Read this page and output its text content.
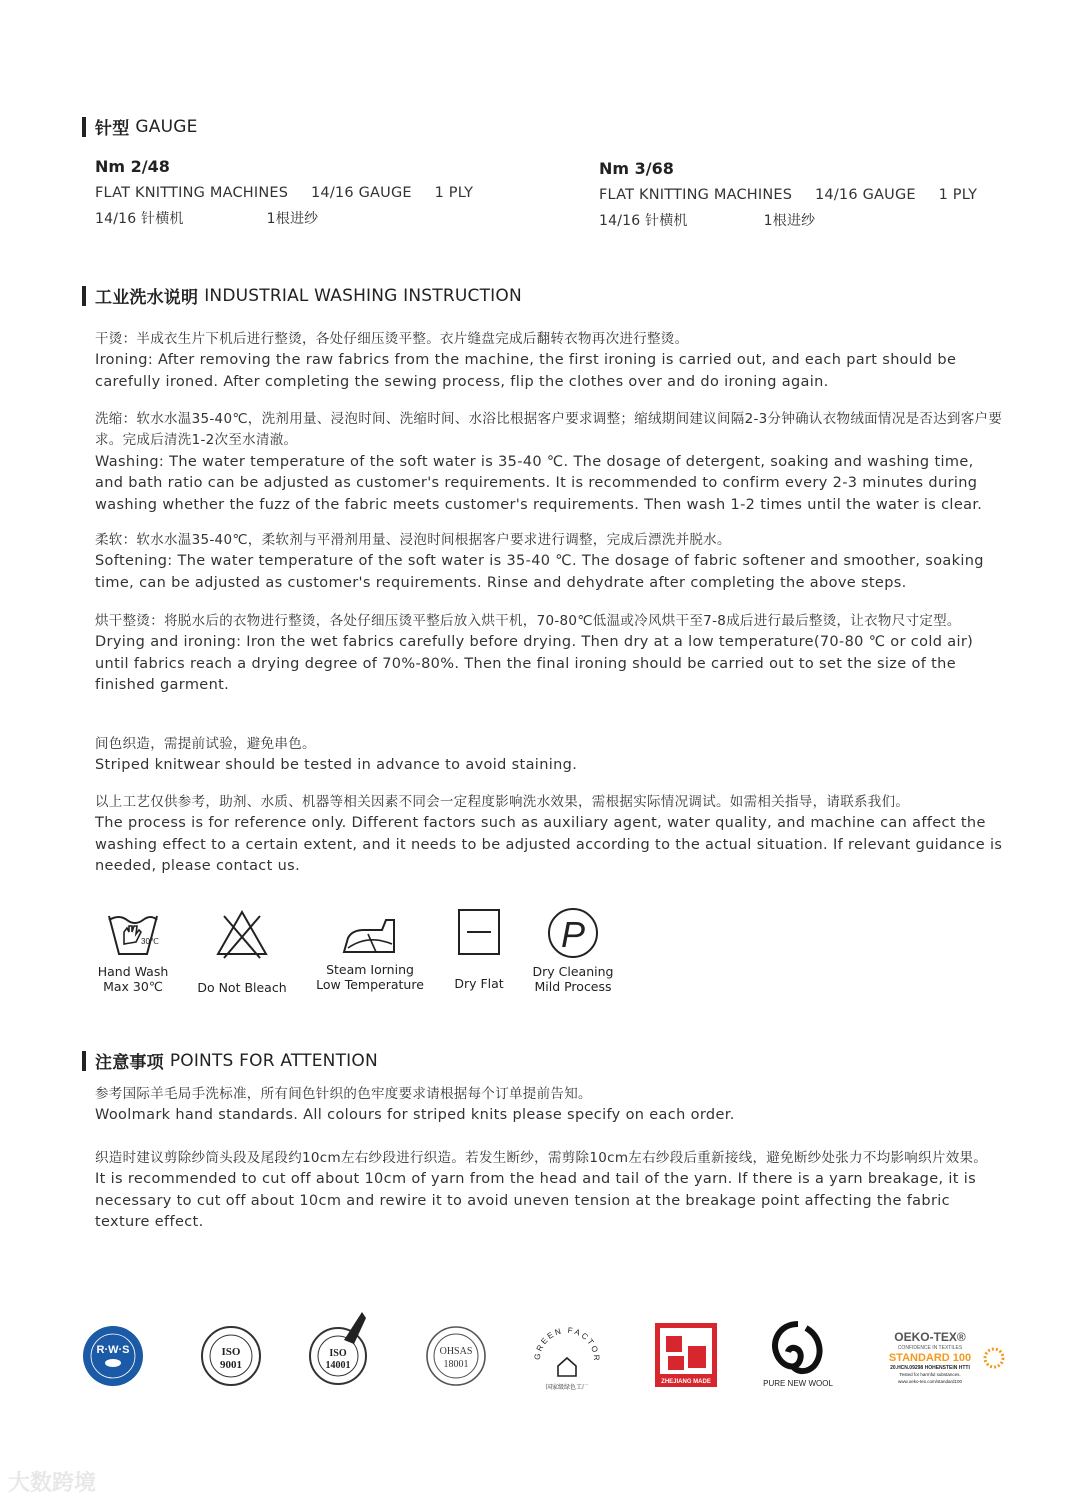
针型 GAUGE
Nm 2/48
FLAT KNITTING MACHINES 14/16 GAUGE 1 PLY
14/16 针横机	1根进纱
Nm 3/68
FLAT KNITTING MACHINES 14/16 GAUGE 1 PLY
14/16 针横机	1根进纱
工业洗水说明 INDUSTRIAL WASHING INSTRUCTION
干烫：半成衣生片下机后进行整烫，各处仔细压烫平整。衣片缝盘完成后翻转衣物再次进行整烫。
Ironing: After removing the raw fabrics from the machine, the first ironing is carried out, and each part should be carefully ironed. After completing the sewing process, flip the clothes over and do ironing again.
洗缩：软水水温35-40℃，洗剂用量、浸泡时间、洗缩时间、水浴比根据客户要求调整；缩绒期间建议间隔2-3分钟确认衣物绒面情况是否达到客户要求。完成后清洗1-2次至水清澈。
Washing: The water temperature of the soft water is 35-40 ℃. The dosage of detergent, soaking and washing time, and bath ratio can be adjusted as customer's requirements. It is recommended to confirm every 2-3 minutes during washing whether the fuzz of the fabric meets customer's requirements. Then wash 1-2 times until the water is clear.
柔软：软水水温35-40℃，柔软剂与平滑剂用量、浸泡时间根据客户要求进行调整，完成后漂洗并脱水。
Softening: The water temperature of the soft water is 35-40 ℃. The dosage of fabric softener and smoother, soaking time, can be adjusted as customer's requirements. Rinse and dehydrate after completing the above steps.
烘干整烫：将脱水后的衣物进行整烫，各处仔细压烫平整后放入烘干机，70-80℃低温或冷风烘干至7-8成后进行最后整烫，让衣物尺寸定型。
Drying and ironing: Iron the wet fabrics carefully before drying. Then dry at a low temperature(70-80 ℃ or cold air) until fabrics reach a drying degree of 70%-80%. Then the final ironing should be carried out to set the size of the finished garment.
间色织造，需提前试验，避免串色。
Striped knitwear should be tested in advance to avoid staining.
以上工艺仅供参考，助剂、水质、机器等相关因素不同会一定程度影响洗水效果，需根据实际情况调试。如需相关指导，请联系我们。
The process is for reference only. Different factors such as auxiliary agent, water quality, and machine can affect the washing effect to a certain extent, and it needs to be adjusted according to the actual situation. If relevant guidance is needed, please contact us.
30℃
Hand Wash
Max 30℃	Do Not Bleach
Steam Iorning
Low Temperature	Dry Flat
P
Dry Cleaning
Mild Process
注意事项 POINTS FOR ATTENTION
参考国际羊毛局手洗标准，所有间色针织的色牢度要求请根据每个订单提前告知。
Woolmark hand standards. All colours for striped knits please specify on each order.
织造时建议剪除纱筒头段及尾段约10cm左右纱段进行织造。若发生断纱，需剪除10cm左右纱段后重新接线，避免断纱处张力不均影响织片效果。
It is recommended to cut off about 10cm of yarn from the head and tail of the yarn. If there is a yarn breakage, it is necessary to cut off about 10cm and rewire it to avoid uneven tension at the breakage point affecting the fabric texture effect.
R·W·S	ISO
9001
ISO
14001
OHSAS
18001
GREEN FACTOR
国家级绿色工厂
ZHEJIANG MADE	PURE NEW WOOL
OEKO-TEX®
CONFIDENCE IN TEXTILES
STANDARD 100
20.HCN.09298 HOHENSTEIN HTTI
Tested for harmful substances.
www.oeko-tex.com/standard100
大数跨境
